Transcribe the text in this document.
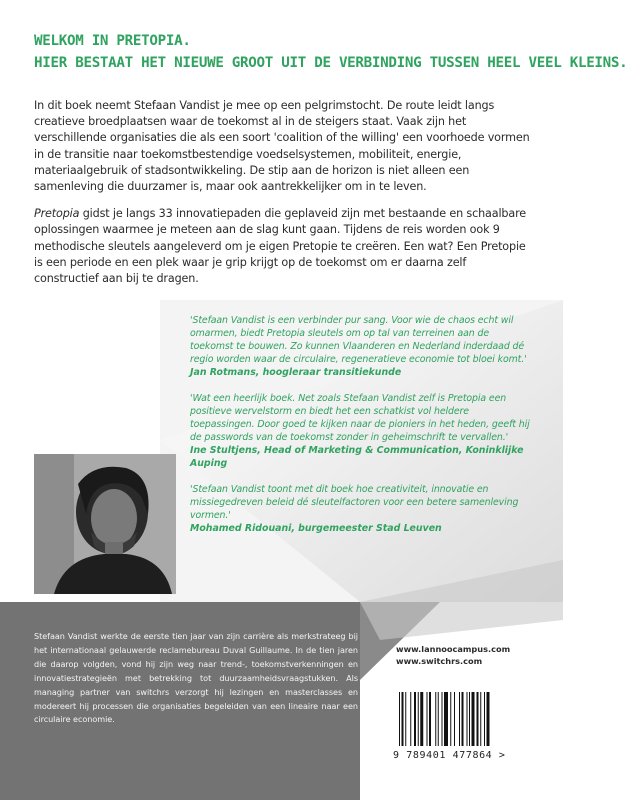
WELKOM IN PRETOPIA.
HIER BESTAAT HET NIEUWE GROOT UIT DE VERBINDING TUSSEN HEEL VEEL KLEINS.

In dit boek neemt Stefaan Vandist je mee op een pelgrimstocht. De route leidt langs creatieve broedplaatsen waar de toekomst al in de steigers staat. Vaak zijn het verschillende organisaties die als een soort 'coalition of the willing' een voorhoede vormen in de transitie naar toekomstbestendige voedselsystemen, mobiliteit, energie, materiaalgebruik of stadsontwikkeling. De stip aan de horizon is niet alleen een samenleving die duurzamer is, maar ook aantrekkelijker om in te leven.

Pretopia gidst je langs 33 innovatiepaden die geplaveid zijn met bestaande en schaalbare oplossingen waarmee je meteen aan de slag kunt gaan. Tijdens de reis worden ook 9 methodische sleutels aangeleverd om je eigen Pretopie te creëren. Een wat? Een Pretopie is een periode en een plek waar je grip krijgt op de toekomst om er daarna zelf constructief aan bij te dragen.

'Stefaan Vandist is een verbinder pur sang. Voor wie de chaos echt wil omarmen, biedt Pretopia sleutels om op tal van terreinen aan de toekomst te bouwen. Zo kunnen Vlaanderen en Nederland inderdaad dé regio worden waar de circulaire, regeneratieve economie tot bloei komt.'

Jan Rotmans, hoogleraar transitiekunde

'Wat een heerlijk boek. Net zoals Stefaan Vandist zelf is Pretopia een positieve wervelstorm en biedt het een schatkist vol heldere toepassingen. Door goed te kijken naar de pioniers in het heden, geeft hij de passwords van de toekomst zonder in geheimschrift te vervallen.'

Ine Stultjens, Head of Marketing & Communication, Koninklijke Auping

'Stefaan Vandist toont met dit boek hoe creativiteit, innovatie en missiegedreven beleid dé sleutelfactoren voor een betere samenleving vormen.'

Mohamed Ridouani, burgemeester Stad Leuven

Stefaan Vandist werkte de eerste tien jaar van zijn carrière als merkstrateeg bij het internationaal gelauwerde reclamebureau Duval Guillaume. In de tien jaren die daarop volgden, vond hij zijn weg naar trend-, toekomstverkenningen en innovatiestrategieën met betrekking tot duurzaamheidsvraagstukken. Als managing partner van switchrs verzorgt hij lezingen en masterclasses en modereert hij processen die organisaties begeleiden van een lineaire naar een circulaire economie.

www.lannoocampus.com
www.switchrs.com
9 789401 477864 >
